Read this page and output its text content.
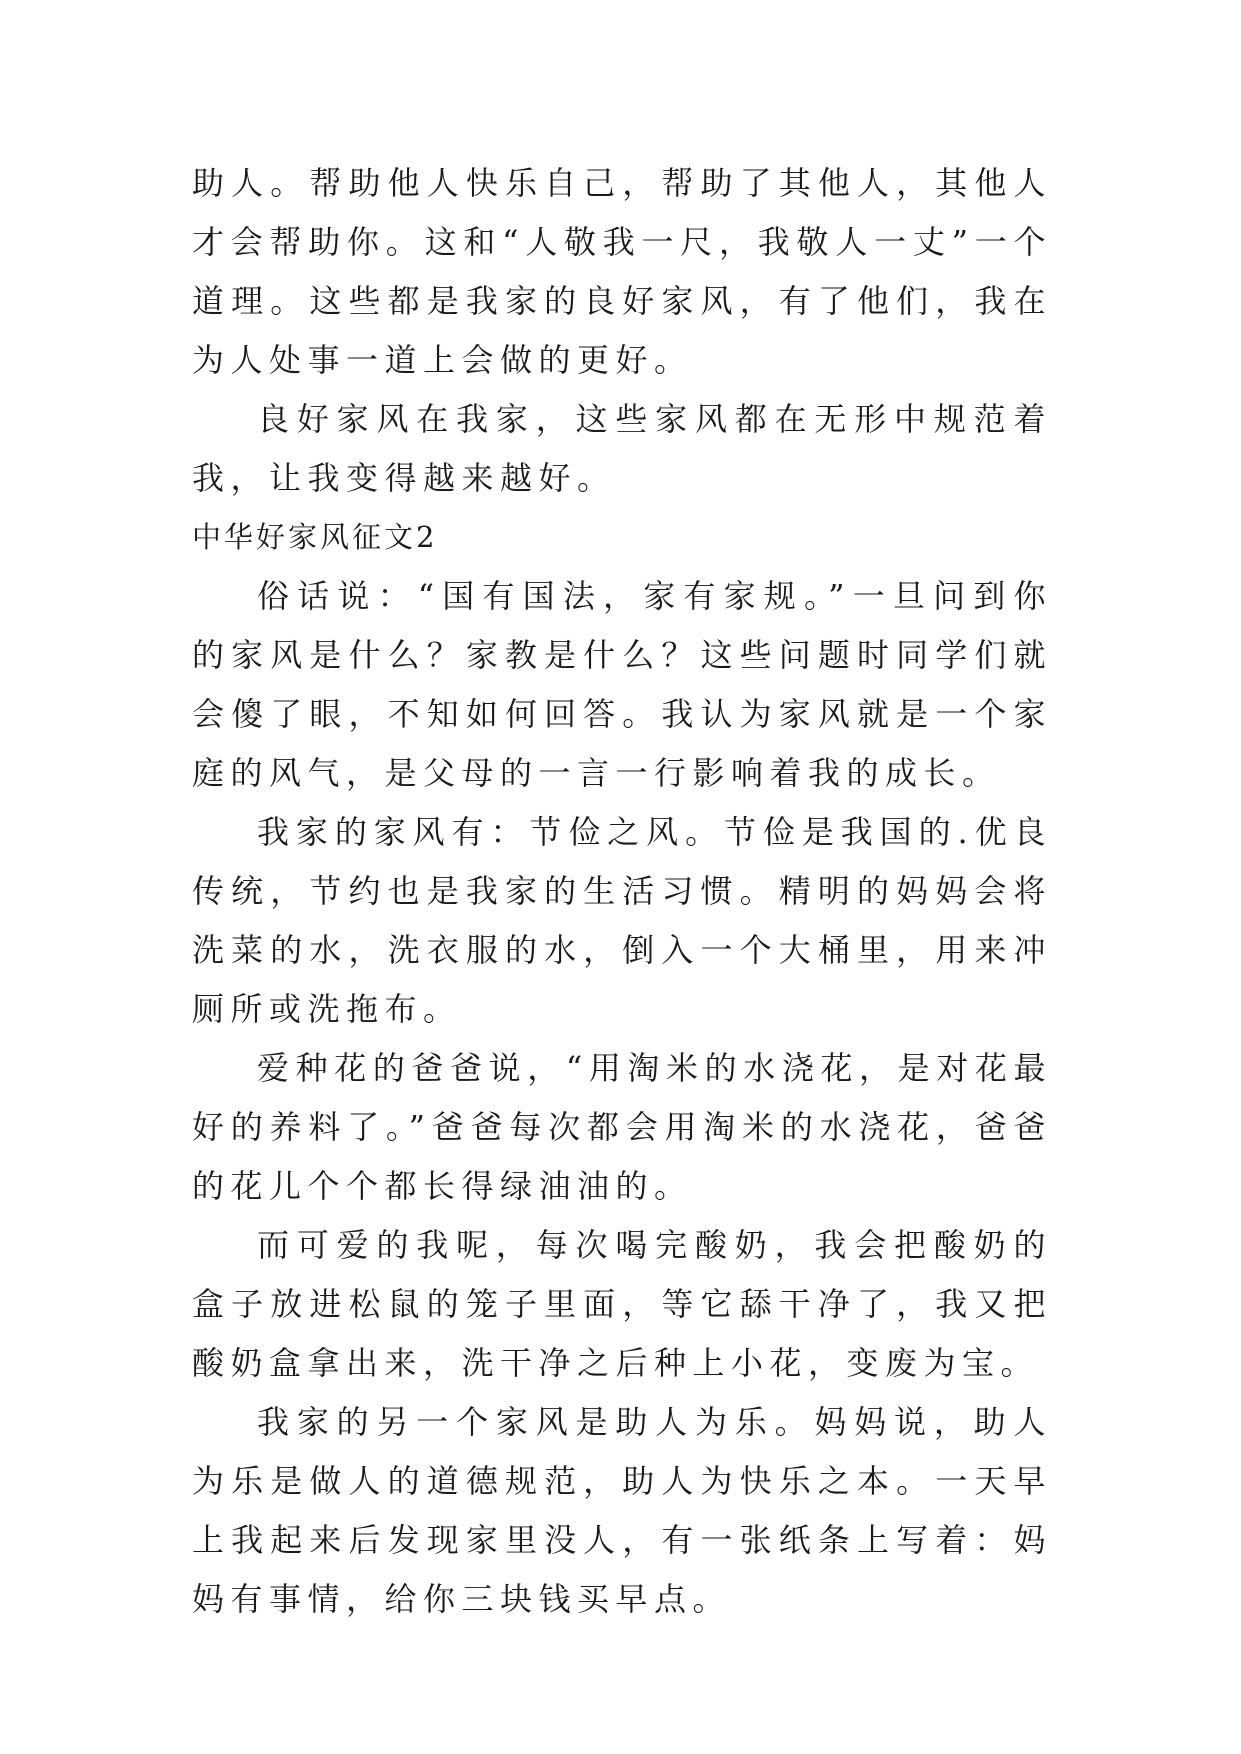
助人。帮助他人快乐自己，帮助了其他人，其他人才会帮助你。这和“人敬我一尺，我敬人一丈”一个道理。这些都是我家的良好家风，有了他们，我在为人处事一道上会做的更好。

良好家风在我家，这些家风都在无形中规范着我，让我变得越来越好。

中华好家风征文2

俗话说：“国有国法，家有家规。”一旦问到你的家风是什么？家教是什么？这些问题时同学们就会傻了眼，不知如何回答。我认为家风就是一个家庭的风气，是父母的一言一行影响着我的成长。

我家的家风有：节俭之风。节俭是我国的.优良传统，节约也是我家的生活习惯。精明的妈妈会将洗菜的水，洗衣服的水，倒入一个大桶里，用来冲厕所或洗拖布。

爱种花的爸爸说，“用淘米的水浇花，是对花最好的养料了。”爸爸每次都会用淘米的水浇花，爸爸的花儿个个都长得绿油油的。

而可爱的我呢，每次喝完酸奶，我会把酸奶的盒子放进松鼠的笼子里面，等它舔干净了，我又把酸奶盒拿出来，洗干净之后种上小花，变废为宝。

我家的另一个家风是助人为乐。妈妈说，助人为乐是做人的道德规范，助人为快乐之本。一天早上我起来后发现家里没人，有一张纸条上写着：妈妈有事情，给你三块钱买早点。
